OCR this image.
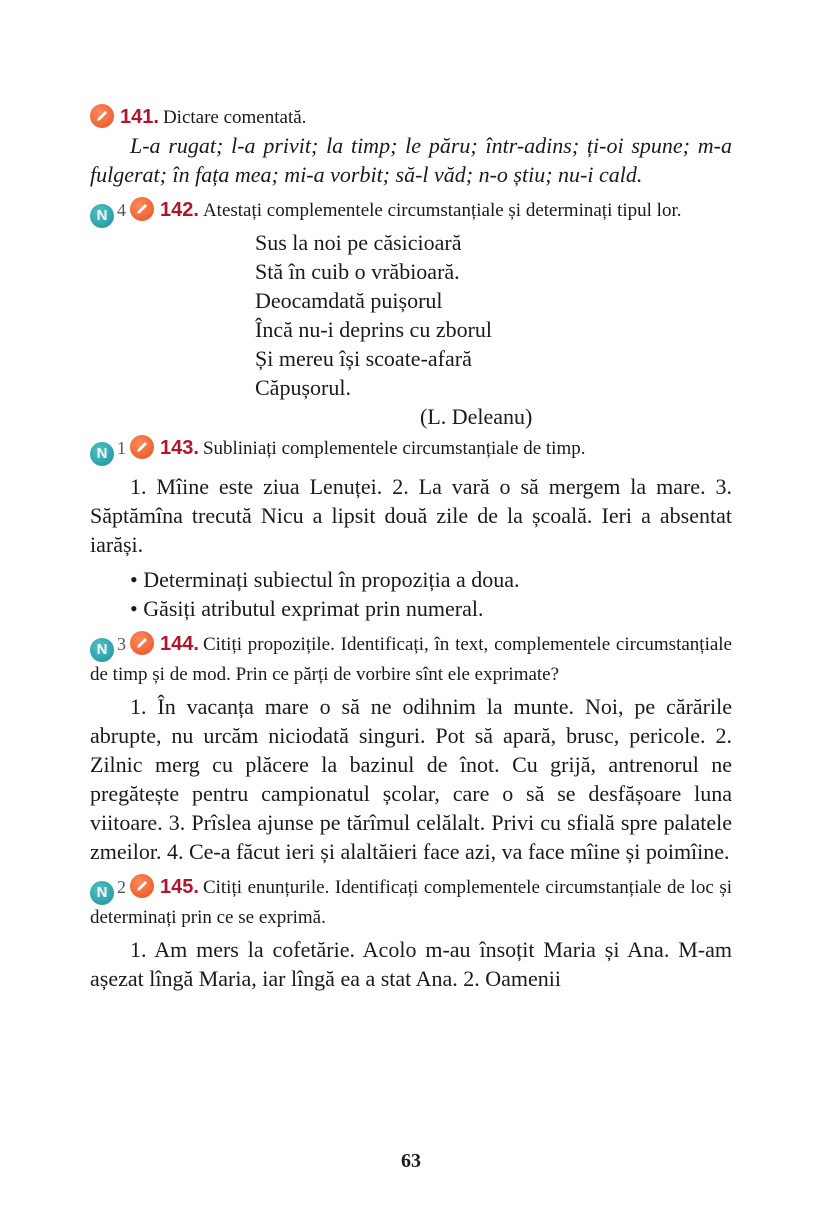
141. Dictare comentată.

L-a rugat; l-a privit; la timp; le păru; într-adins; ți-oi spune; m-a fulgerat; în fața mea; mi-a vorbit; să-l văd; n-o știu; nu-i cald.

N 4 142. Atestați complementele circumstanțiale și determinați tipul lor.

Sus la noi pe căsicioară
Stă în cuib o vrăbioară.
Deocamdată puișorul
Încă nu-i deprins cu zborul
Și mereu își scoate-afară
Căpușorul.

(L. Deleanu)

N 1 143. Subliniați complementele circumstanțiale de timp.

1. Mîine este ziua Lenuței. 2. La vară o să mergem la mare. 3. Săptămîna trecută Nicu a lipsit două zile de la școală. Ieri a absentat iarăși.

• Determinați subiectul în propoziția a doua.

• Găsiți atributul exprimat prin numeral.

N 3 144. Citiți propozițile. Identificați, în text, complementele circumstanțiale de timp și de mod. Prin ce părți de vorbire sînt ele exprimate?

1. În vacanța mare o să ne odihnim la munte. Noi, pe cărările abrupte, nu urcăm niciodată singuri. Pot să apară, brusc, pericole. 2. Zilnic merg cu plăcere la bazinul de înot. Cu grijă, antrenorul ne pregătește pentru campionatul școlar, care o să se desfășoare luna viitoare. 3. Prîslea ajunse pe tărîmul celălalt. Privi cu sfială spre palatele zmeilor. 4. Ce-a făcut ieri și alaltăieri face azi, va face mîine și poimîine.

N 2 145. Citiți enunțurile. Identificați complementele circumstanțiale de loc și determinați prin ce se exprimă.

1. Am mers la cofetărie. Acolo m-au însoțit Maria și Ana. M-am așezat lîngă Maria, iar lîngă ea a stat Ana. 2. Oamenii

63
